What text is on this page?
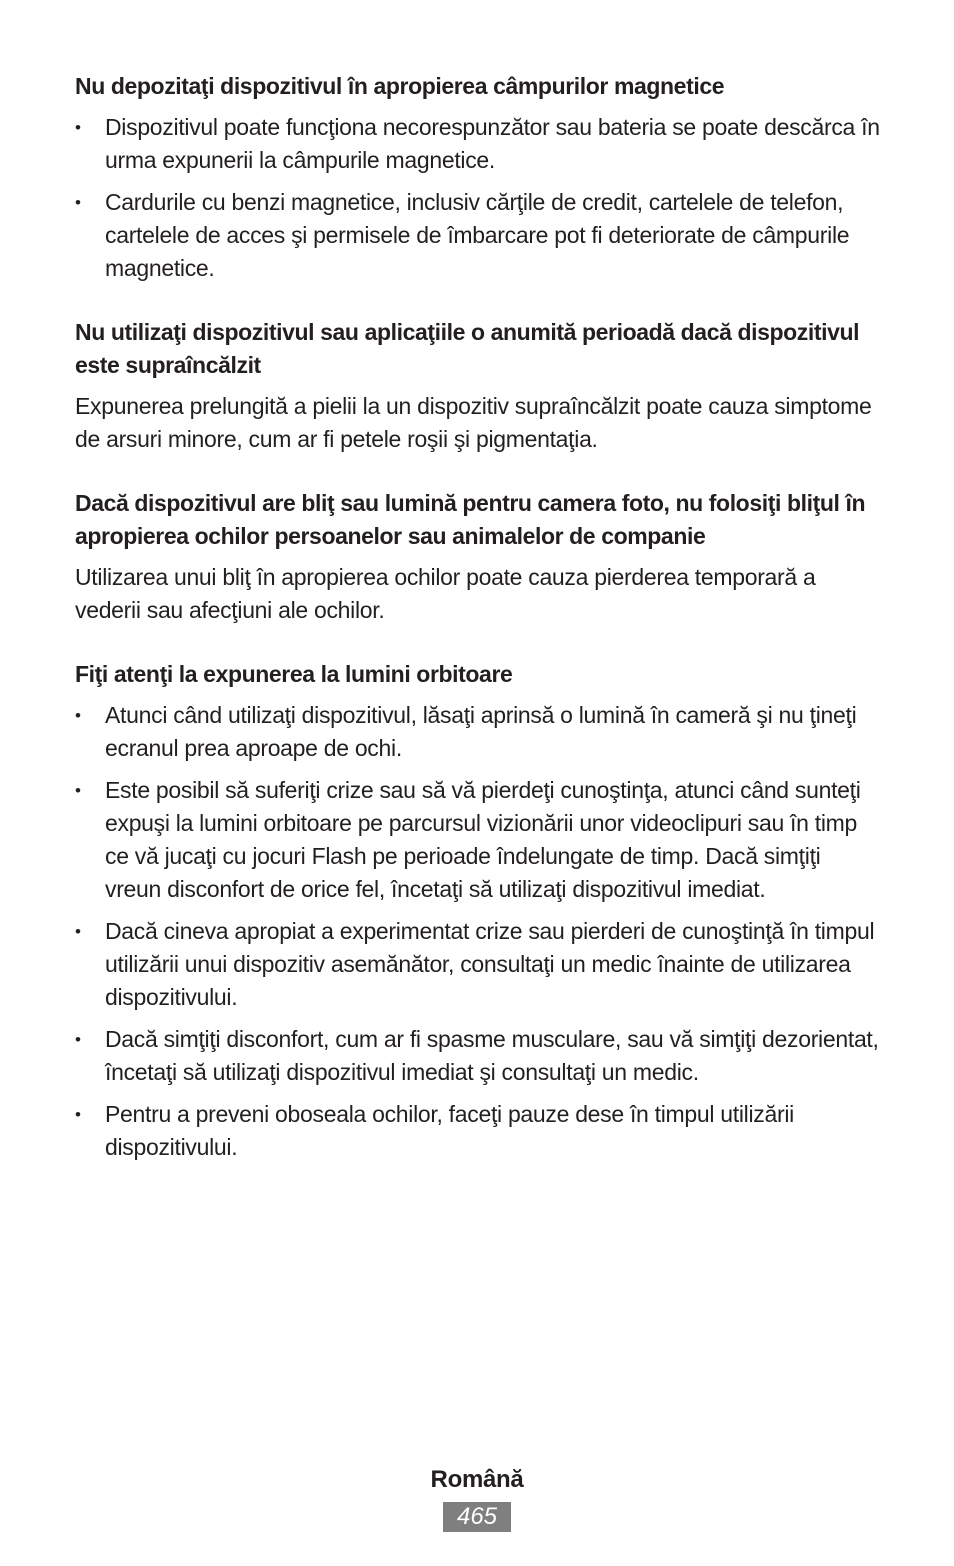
Nu depozitaţi dispozitivul în apropierea câmpurilor magnetice
• Dispozitivul poate funcţiona necorespunzător sau bateria se poate descărca în urma expunerii la câmpurile magnetice.
• Cardurile cu benzi magnetice, inclusiv cărţile de credit, cartelele de telefon, cartelele de acces şi permisele de îmbarcare pot fi deteriorate de câmpurile magnetice.
Nu utilizaţi dispozitivul sau aplicaţiile o anumită perioadă dacă dispozitivul este supraîncălzit

Expunerea prelungită a pielii la un dispozitiv supraîncălzit poate cauza simptome de arsuri minore, cum ar fi petele roşii şi pigmentaţia.

Dacă dispozitivul are bliţ sau lumină pentru camera foto, nu folosiţi bliţul în apropierea ochilor persoanelor sau animalelor de companie

Utilizarea unui bliţ în apropierea ochilor poate cauza pierderea temporară a vederii sau afecţiuni ale ochilor.

Fiţi atenţi la expunerea la lumini orbitoare
• Atunci când utilizaţi dispozitivul, lăsaţi aprinsă o lumină în cameră şi nu ţineţi ecranul prea aproape de ochi.
• Este posibil să suferiţi crize sau să vă pierdeţi cunoştinţa, atunci când sunteţi expuşi la lumini orbitoare pe parcursul vizionării unor videoclipuri sau în timp ce vă jucaţi cu jocuri Flash pe perioade îndelungate de timp. Dacă simţiţi vreun disconfort de orice fel, încetaţi să utilizaţi dispozitivul imediat.
• Dacă cineva apropiat a experimentat crize sau pierderi de cunoştinţă în timpul utilizării unui dispozitiv asemănător, consultaţi un medic înainte de utilizarea dispozitivului.
• Dacă simţiţi disconfort, cum ar fi spasme musculare, sau vă simţiţi dezorientat, încetaţi să utilizaţi dispozitivul imediat şi consultaţi un medic.
• Pentru a preveni oboseala ochilor, faceţi pauze dese în timpul utilizării dispozitivului.
Română
465
